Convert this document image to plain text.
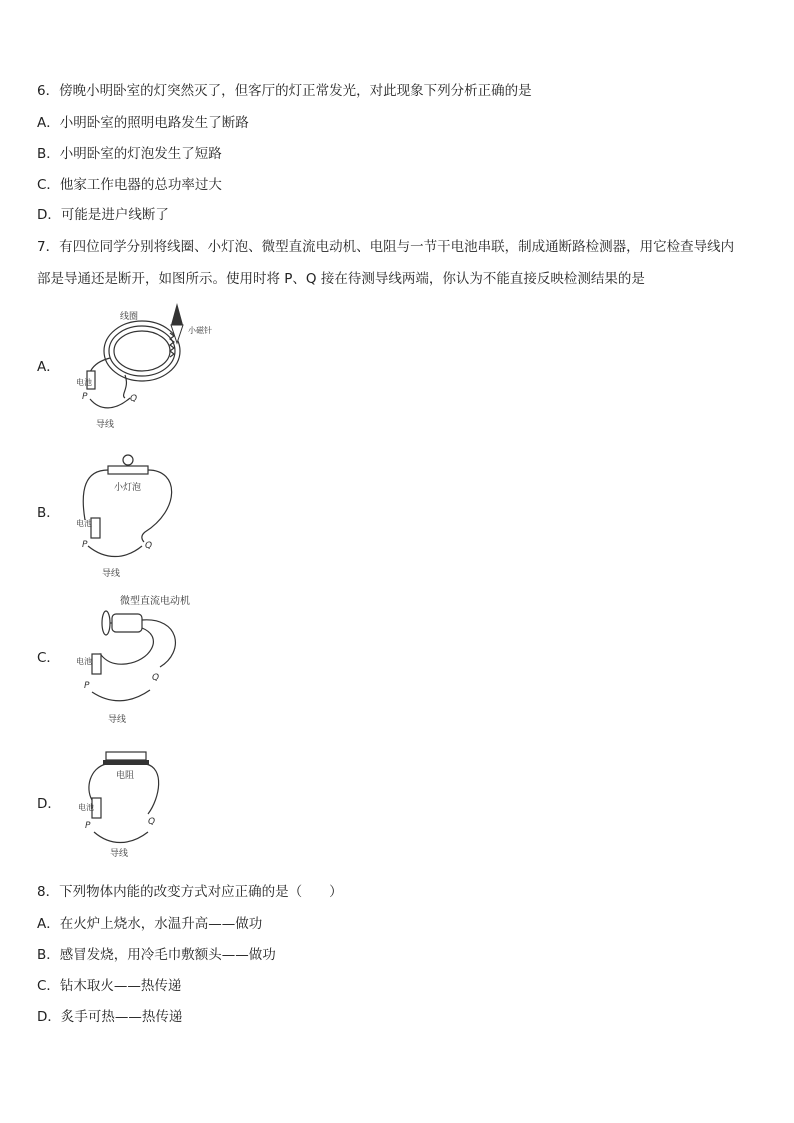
6．傍晚小明卧室的灯突然灭了，但客厅的灯正常发光，对此现象下列分析正确的是
A．小明卧室的照明电路发生了断路
B．小明卧室的灯泡发生了短路
C．他家工作电器的总功率过大
D．可能是进户线断了
7．有四位同学分别将线圈、小灯泡、微型直流电动机、电阻与一节干电池串联，制成通断路检测器，用它检查导线内
部是导通还是断开，如图所示。使用时将 P、Q 接在待测导线两端，你认为不能直接反映检测结果的是
A．
线圈
小磁针
电池
P	Q
导线
B．
小灯泡
电池
P	Q
导线
C．
微型直流电动机
电池
P
Q
导线
D．
电阻
电池
P	Q
导线
8．下列物体内能的改变方式对应正确的是（　　）
A．在火炉上烧水，水温升高——做功
B．感冒发烧，用冷毛巾敷额头——做功
C．钻木取火——热传递
D．炙手可热——热传递
